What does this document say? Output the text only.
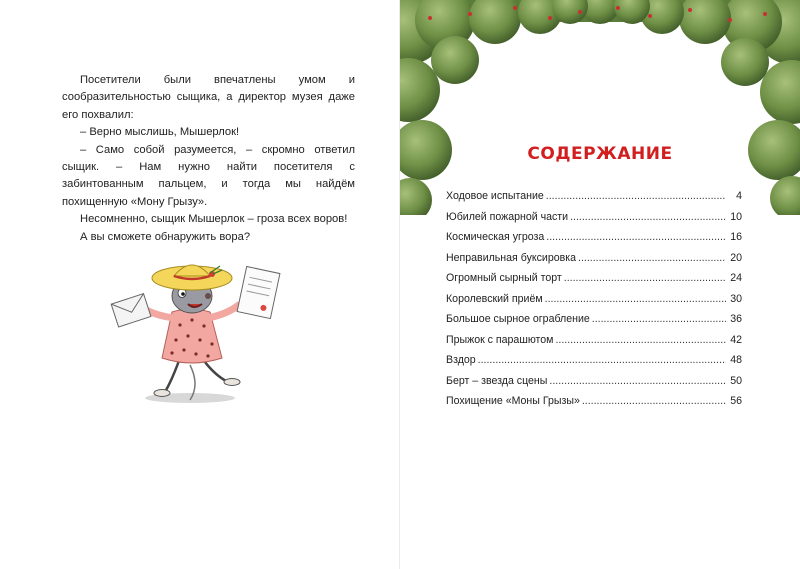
Посетители были впечатлены умом и сообразительностью сыщика, а директор музея даже его похвалил:

– Верно мыслишь, Мышерлок!

– Само собой разумеется, – скромно ответил сыщик. – Нам нужно найти посетителя с забинтованным пальцем, и тогда мы найдём похищенную «Мону Грызу».

Несомненно, сыщик Мышерлок – гроза всех воров!

А вы сможете обнаружить вора?

СОДЕРЖАНИЕ
Ходовое испытание .....	4
Юбилей пожарной части .....	10
Космическая угроза .....	16
Неправильная буксировка .....	20
Огромный сырный торт .....	24
Королевский приём .....	30
Большое сырное ограбление .....	36
Прыжок с парашютом .....	42
Вздор .....	48
Берт – звезда сцены .....	50
Похищение «Моны Грызы» .....	56
